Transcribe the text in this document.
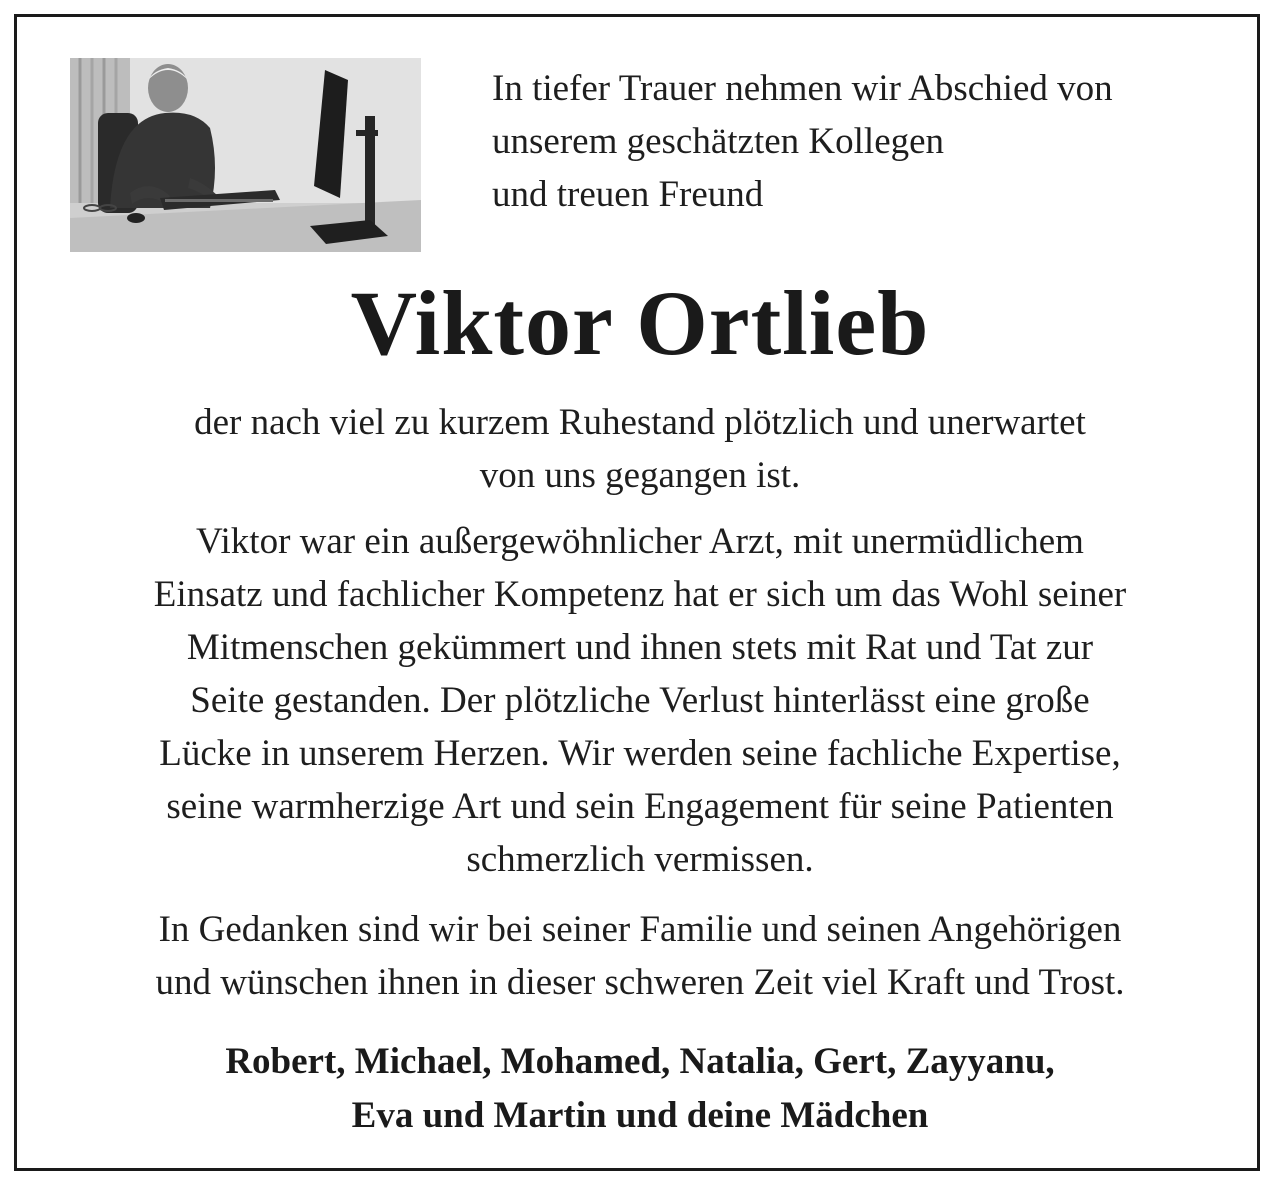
In tiefer Trauer nehmen wir Abschied von
unserem geschätzten Kollegen
und treuen Freund
Viktor Ortlieb
der nach viel zu kurzem Ruhestand plötzlich und unerwartet
von uns gegangen ist.
Viktor war ein außergewöhnlicher Arzt, mit unermüdlichem
Einsatz und fachlicher Kompetenz hat er sich um das Wohl seiner
Mitmenschen gekümmert und ihnen stets mit Rat und Tat zur
Seite gestanden. Der plötzliche Verlust hinterlässt eine große
Lücke in unserem Herzen. Wir werden seine fachliche Expertise,
seine warmherzige Art und sein Engagement für seine Patienten
schmerzlich vermissen.
In Gedanken sind wir bei seiner Familie und seinen Angehörigen
und wünschen ihnen in dieser schweren Zeit viel Kraft und Trost.
Robert, Michael, Mohamed, Natalia, Gert, Zayyanu,
Eva und Martin und deine Mädchen
